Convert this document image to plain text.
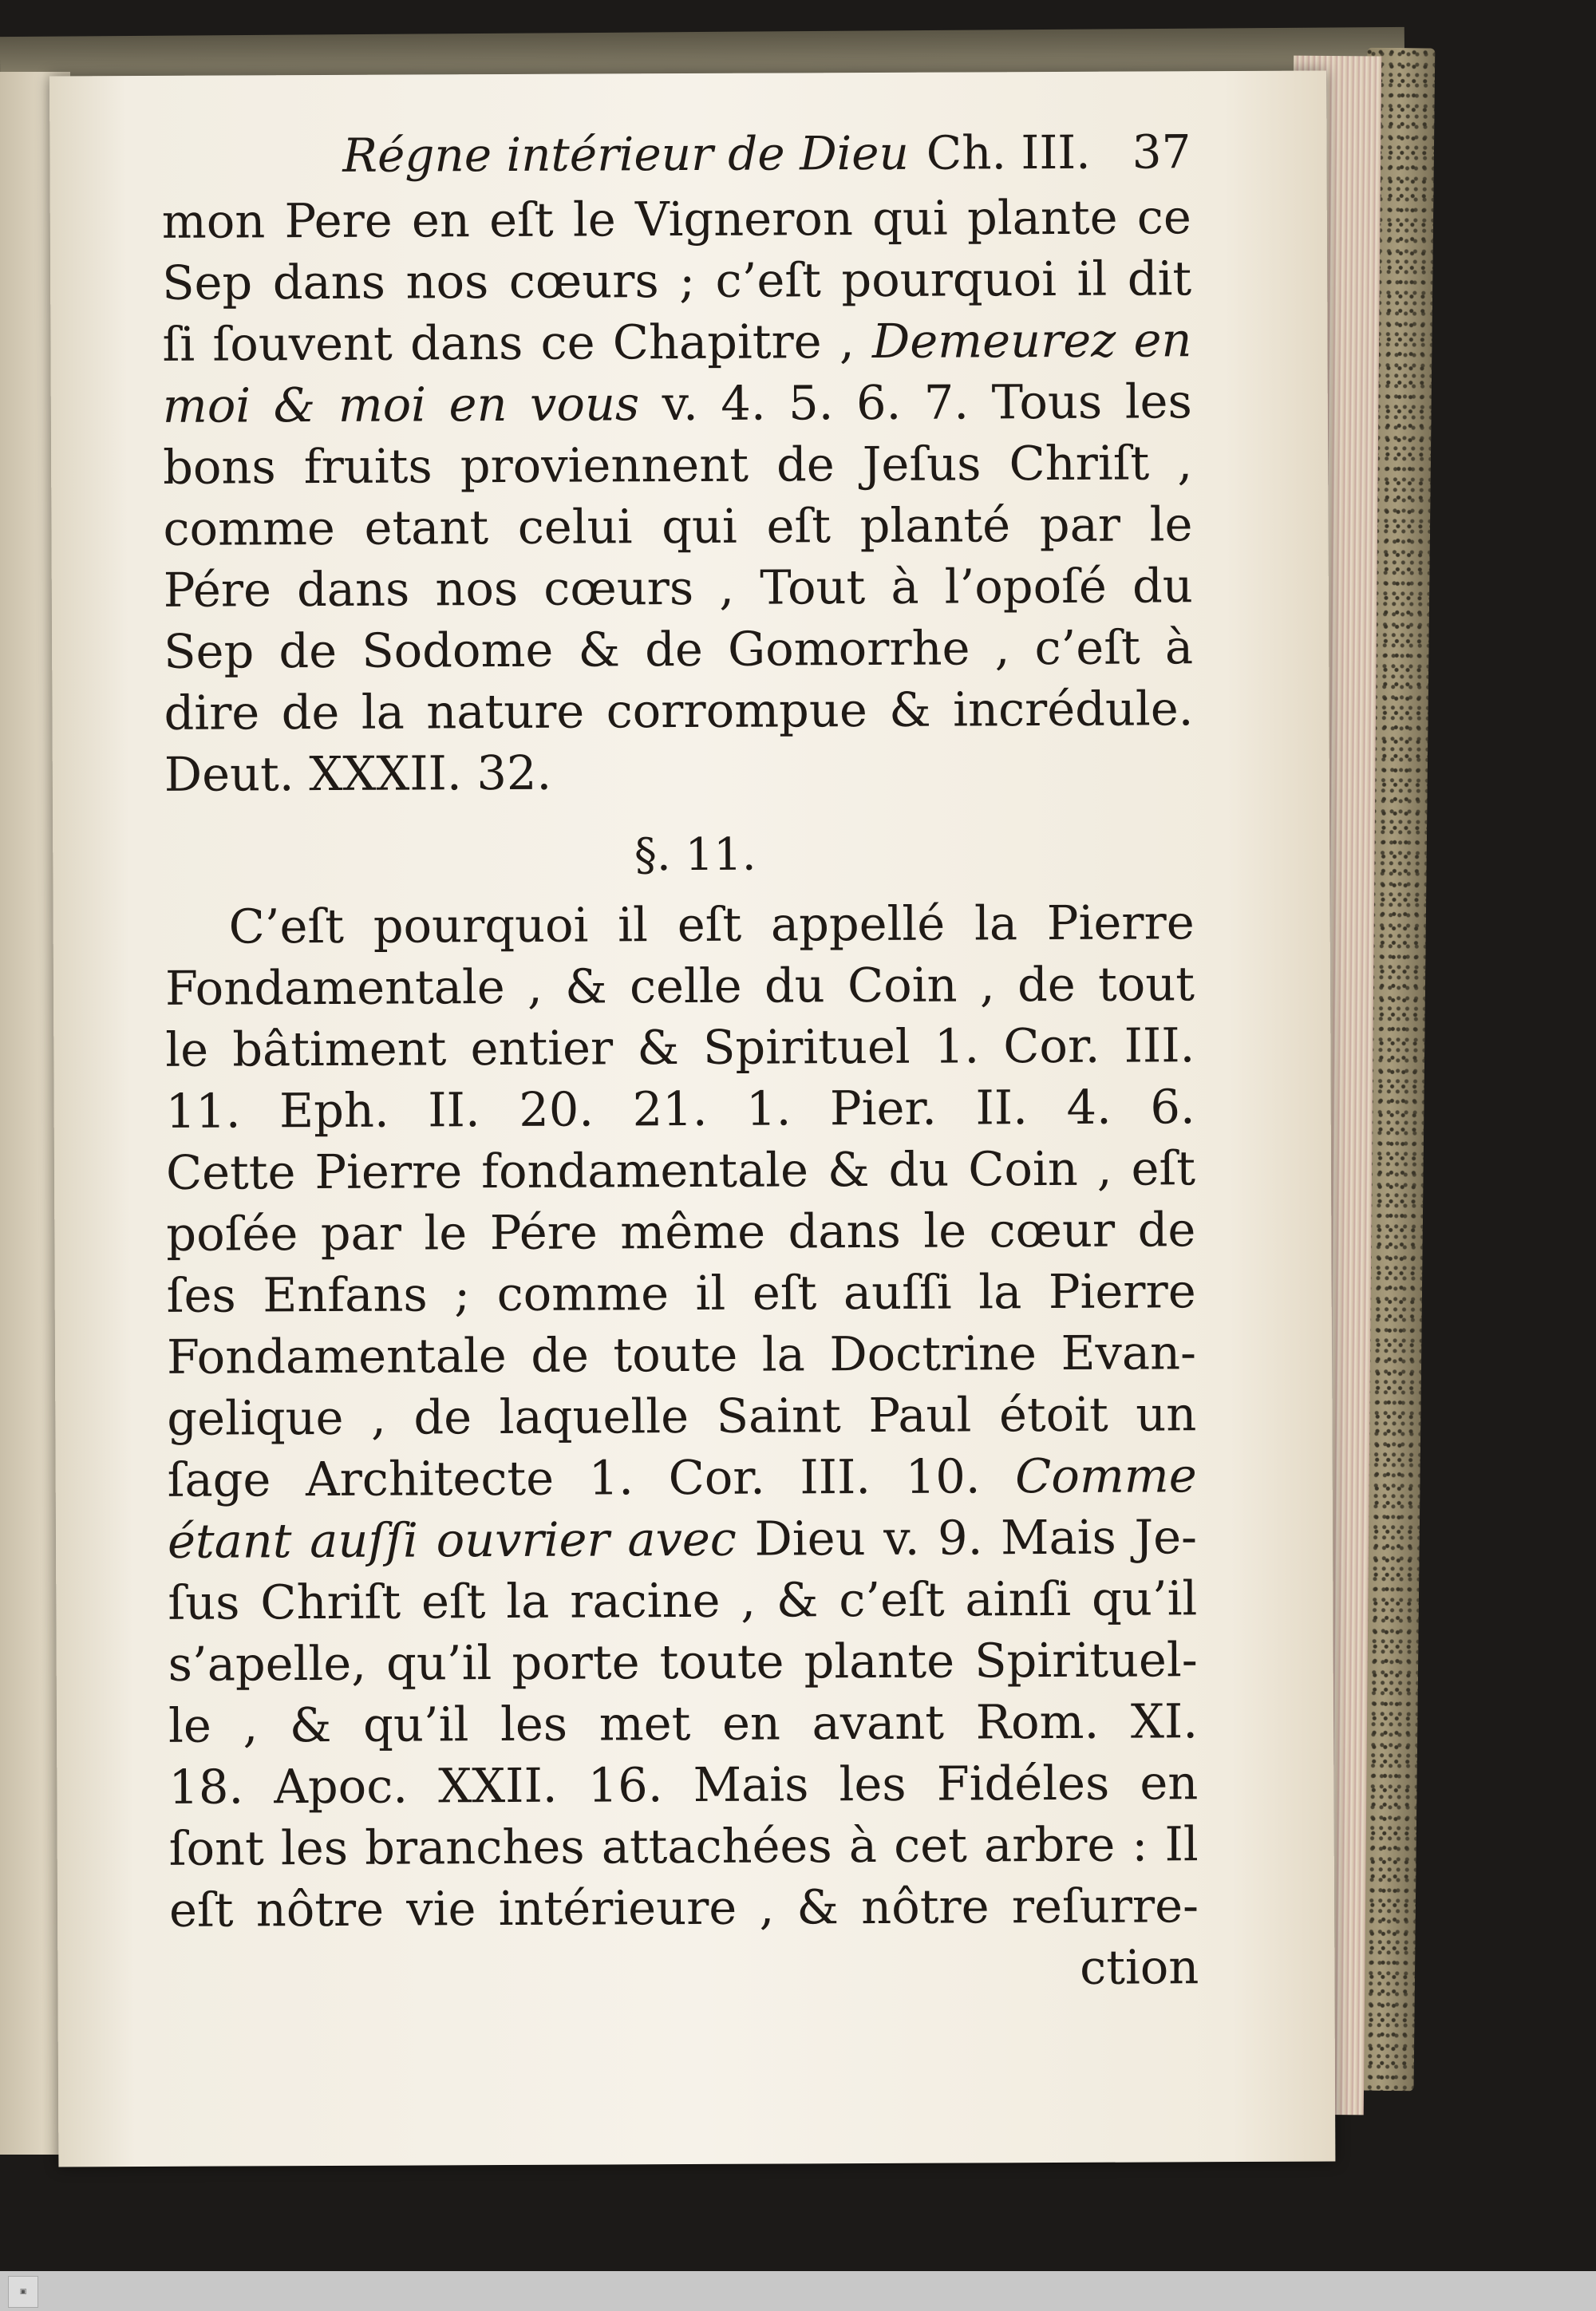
Régne intérieur de Dieu Ch. III. 37
mon Pere en eſt le Vigneron qui plante ce
Sep dans nos cœurs ; c’eſt pourquoi il dit
ſi ſouvent dans ce Chapitre , Demeurez en
moi & moi en vous v. 4. 5. 6. 7. Tous les
bons fruits proviennent de Jeſus Chriſt ,
comme etant celui qui eſt planté par le
Pére dans nos cœurs , Tout à l’opoſé du
Sep de Sodome & de Gomorrhe , c’eſt à
dire de la nature corrompue & incrédule.
Deut. XXXII. 32.
§. 11.
C’eſt pourquoi il eſt appellé la Pierre
Fondamentale , & celle du Coin , de tout
le bâtiment entier & Spirituel 1. Cor. III.
11. Eph. II. 20. 21. 1. Pier. II. 4. 6.
Cette Pierre fondamentale & du Coin , eſt
poſée par le Pére même dans le cœur de
ſes Enfans ; comme il eſt auſſi la Pierre
Fondamentale de toute la Doctrine Evan-
gelique , de laquelle Saint Paul étoit un
ſage Architecte 1. Cor. III. 10. Comme
étant auſſi ouvrier avec Dieu v. 9. Mais Je-
ſus Chriſt eſt la racine , & c’eſt ainſi qu’il
s’apelle, qu’il porte toute plante Spirituel-
le , & qu’il les met en avant Rom. XI.
18. Apoc. XXII. 16. Mais les Fidéles en
ſont les branches attachées à cet arbre : Il
eſt nôtre vie intérieure , & nôtre reſurre-
ction
▣
